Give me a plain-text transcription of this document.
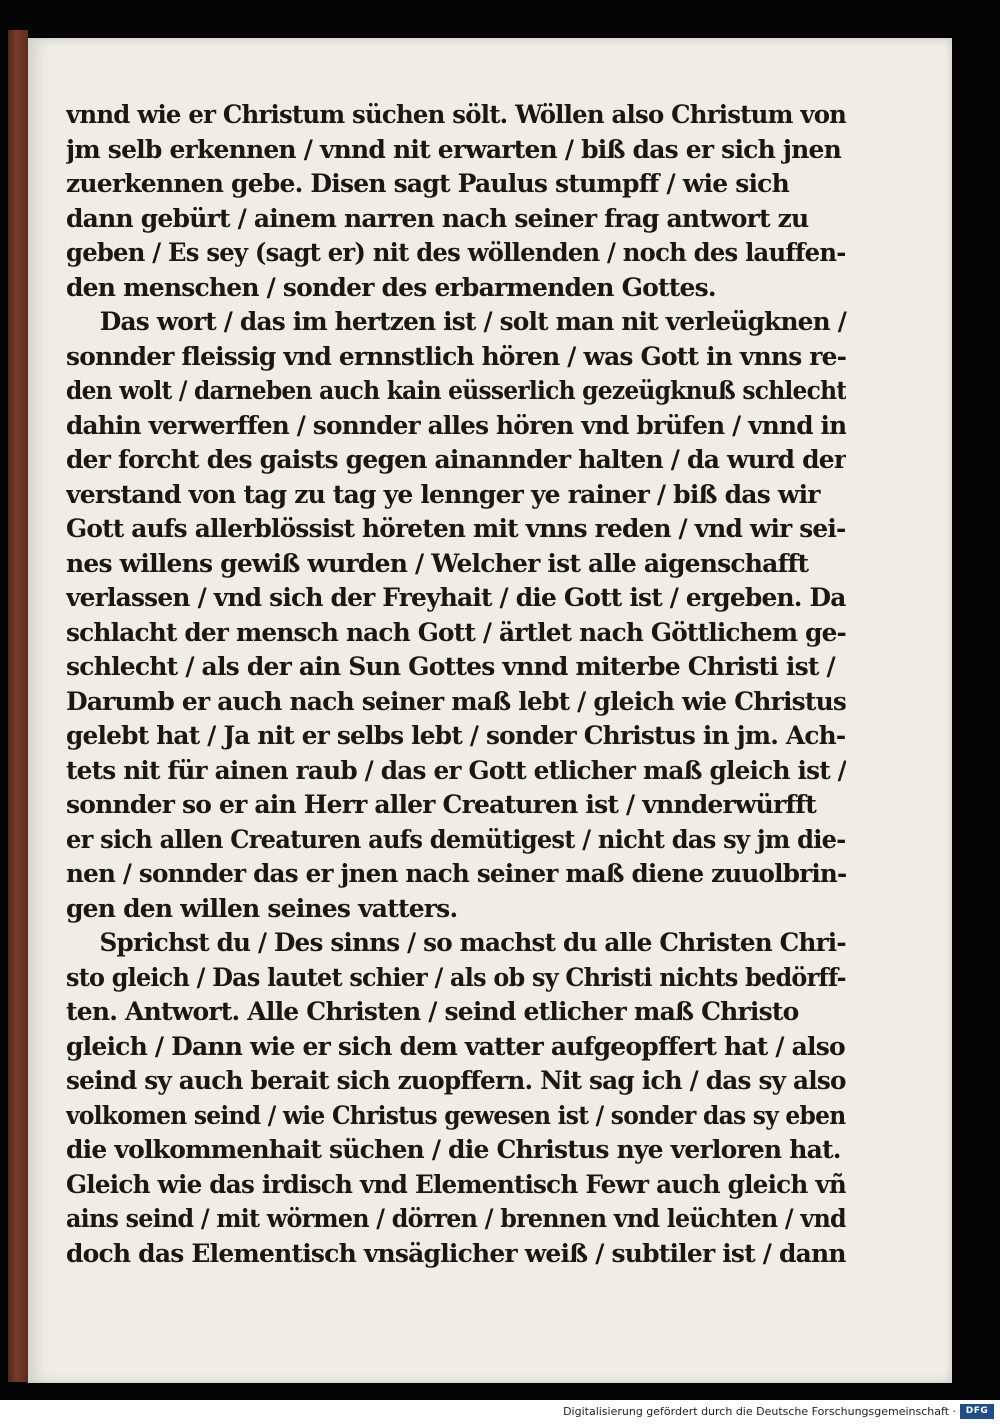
vnnd wie er Christum süchen sölt. Wöllen also Christum von
jm selb erkennen / vnnd nit erwarten / biß das er sich jnen
zuerkennen gebe. Disen sagt Paulus stumpff / wie sich
dann gebürt / ainem narren nach seiner frag antwort zu
geben / Es sey (sagt er) nit des wöllenden / noch des lauffen-
den menschen / sonder des erbarmenden Gottes.
Das wort / das im hertzen ist / solt man nit verleügknen /
sonnder fleissig vnd ernnstlich hören / was Gott in vnns re-
den wolt / darneben auch kain eüsserlich gezeügknuß schlecht
dahin verwerffen / sonnder alles hören vnd brüfen / vnnd in
der forcht des gaists gegen ainannder halten / da wurd der
verstand von tag zu tag ye lennger ye rainer / biß das wir
Gott aufs allerblössist höreten mit vnns reden / vnd wir sei-
nes willens gewiß wurden / Welcher ist alle aigenschafft
verlassen / vnd sich der Freyhait / die Gott ist / ergeben. Da
schlacht der mensch nach Gott / ärtlet nach Göttlichem ge-
schlecht / als der ain Sun Gottes vnnd miterbe Christi ist /
Darumb er auch nach seiner maß lebt / gleich wie Christus
gelebt hat / Ja nit er selbs lebt / sonder Christus in jm. Ach-
tets nit für ainen raub / das er Gott etlicher maß gleich ist /
sonnder so er ain Herr aller Creaturen ist / vnnderwürfft
er sich allen Creaturen aufs demütigest / nicht das sy jm die-
nen / sonnder das er jnen nach seiner maß diene zuuolbrin-
gen den willen seines vatters.
Sprichst du / Des sinns / so machst du alle Christen Chri-
sto gleich / Das lautet schier / als ob sy Christi nichts bedörff-
ten. Antwort. Alle Christen / seind etlicher maß Christo
gleich / Dann wie er sich dem vatter aufgeopffert hat / also
seind sy auch berait sich zuopffern. Nit sag ich / das sy also
volkomen seind / wie Christus gewesen ist / sonder das sy eben
die volkommenhait süchen / die Christus nye verloren hat.
Gleich wie das irdisch vnd Elementisch Fewr auch gleich vñ
ains seind / mit wörmen / dörren / brennen vnd leüchten / vnd
doch das Elementisch vnsäglicher weiß / subtiler ist / dann
Digitalisierung gefördert durch die Deutsche Forschungsgemeinschaft ·	DFG
